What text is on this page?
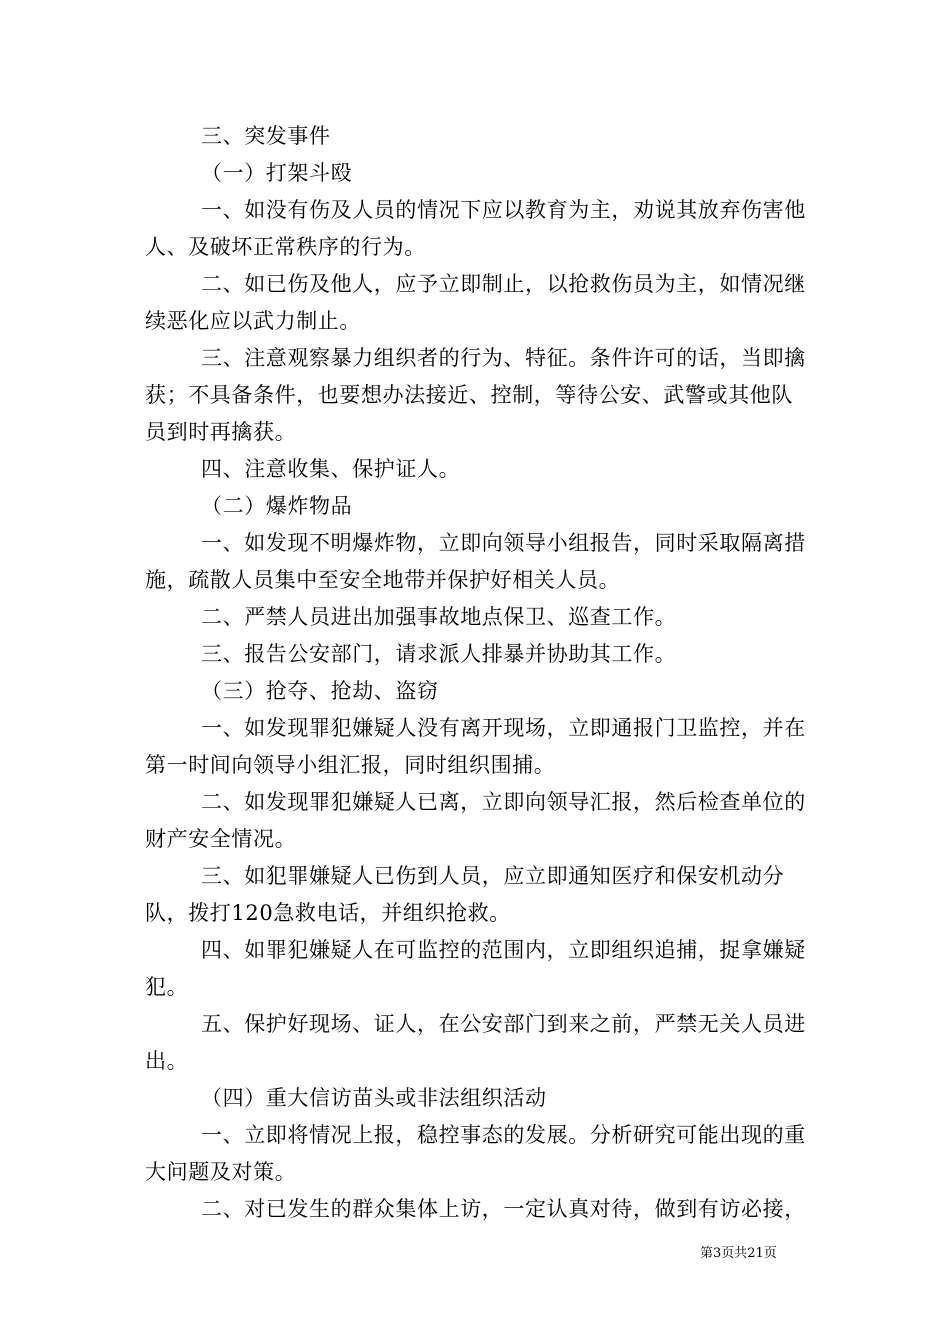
三、突发事件

（一）打架斗殴

一、如没有伤及人员的情况下应以教育为主，劝说其放弃伤害他人、及破坏正常秩序的行为。

二、如已伤及他人，应予立即制止，以抢救伤员为主，如情况继续恶化应以武力制止。

三、注意观察暴力组织者的行为、特征。条件许可的话，当即擒获；不具备条件，也要想办法接近、控制，等待公安、武警或其他队员到时再擒获。

四、注意收集、保护证人。

（二）爆炸物品

一、如发现不明爆炸物，立即向领导小组报告，同时采取隔离措施，疏散人员集中至安全地带并保护好相关人员。

二、严禁人员进出加强事故地点保卫、巡查工作。

三、报告公安部门，请求派人排暴并协助其工作。

（三）抢夺、抢劫、盗窃

一、如发现罪犯嫌疑人没有离开现场，立即通报门卫监控，并在第一时间向领导小组汇报，同时组织围捕。

二、如发现罪犯嫌疑人已离，立即向领导汇报，然后检查单位的财产安全情况。

三、如犯罪嫌疑人已伤到人员，应立即通知医疗和保安机动分队，拨打120急救电话，并组织抢救。

四、如罪犯嫌疑人在可监控的范围内，立即组织追捕，捉拿嫌疑犯。

五、保护好现场、证人，在公安部门到来之前，严禁无关人员进出。

（四）重大信访苗头或非法组织活动

一、立即将情况上报，稳控事态的发展。分析研究可能出现的重大问题及对策。

二、对已发生的群众集体上访，一定认真对待，做到有访必接，

第3页共21页
